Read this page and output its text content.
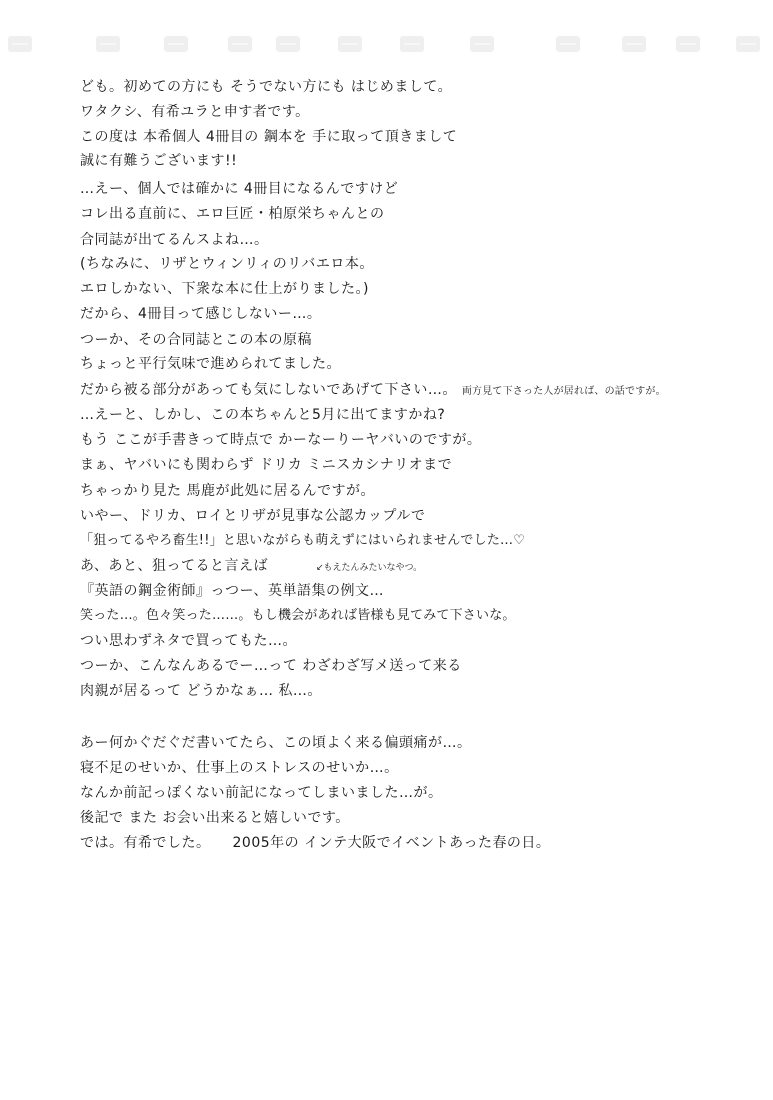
ども。初めての方にも そうでない方にも はじめまして。
ワタクシ、有希ユラと申す者です。
この度は 本希個人 4冊目の 鋼本を 手に取って頂きまして
誠に有難うございます!!
…えー、個人では確かに 4冊目になるんですけど
コレ出る直前に、エロ巨匠・柏原栄ちゃんとの
合同誌が出てるんスよね…。
(ちなみに、リザとウィンリィのリバエロ本。
エロしかない、下衆な本に仕上がりました。)
だから、4冊目って感じしないー…。
つーか、その合同誌とこの本の原稿
ちょっと平行気味で進められてました。
だから被る部分があっても気にしないであげて下さい…。 両方見て下さった人が居れば、の話ですが。
…えーと、しかし、この本ちゃんと5月に出てますかね?
もう ここが手書きって時点で かーなーりーヤバいのですが。
まぁ、ヤバいにも関わらず ドリカ ミニスカシナリオまで
ちゃっかり見た 馬鹿が此処に居るんですが。
いやー、ドリカ、ロイとリザが見事な公認カップルで
「狙ってるやろ畜生!!」と思いながらも萌えずにはいられませんでした…♡
あ、あと、狙ってると言えば	↙もえたんみたいなやつ。
『英語の鋼金術師』っつー、英単語集の例文…
笑った…。色々笑った……。もし機会があれば皆様も見てみて下さいな。
つい思わずネタで買ってもた…。
つーか、こんなんあるでー…って わざわざ写メ送って来る
肉親が居るって どうかなぁ… 私…。
あー何かぐだぐだ書いてたら、この頃よく来る偏頭痛が…。
寝不足のせいか、仕事上のストレスのせいか…。
なんか前記っぽくない前記になってしまいました…が。
後記で また お会い出来ると嬉しいです。
では。有希でした。　　2005年の インテ大阪でイベントあった春の日。
